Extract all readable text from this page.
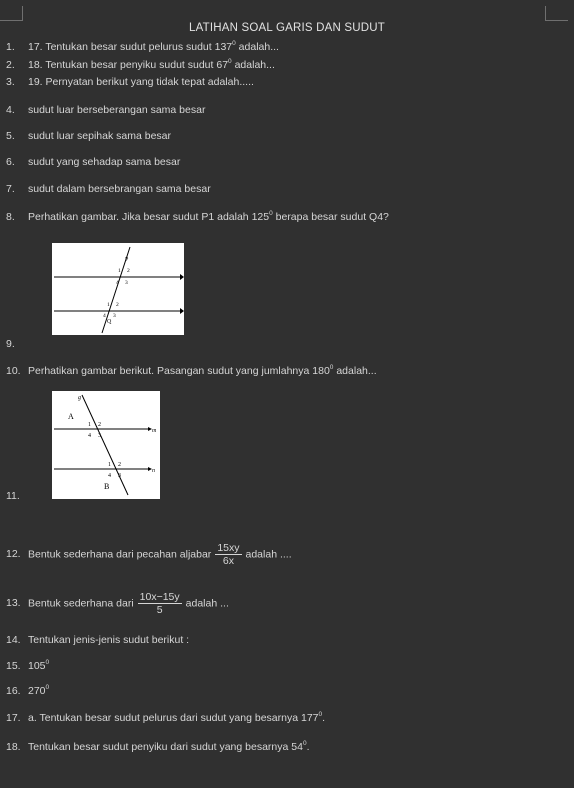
LATIHAN SOAL GARIS DAN SUDUT
1. 17. Tentukan besar sudut pelurus sudut $137^0$ adalah...
2. 18. Tentukan besar penyiku sudut sudut $67^0$ adalah...
3. 19. Pernyatan berikut yang tidak tepat adalah.....
4. sudut luar berseberangan sama besar
5. sudut luar sepihak sama besar
6. sudut yang sehadap sama besar
7. sudut dalam bersebrangan sama besar
8. Perhatikan gambar. Jika besar sudut P1 adalah $125^0$ berapa besar sudut Q4?
P
1 2
4 3
Q
1 2
4 3
9.
10. Perhatikan gambar berikut. Pasangan sudut yang jumlahnya $180^0$ adalah...
g
m
n
A
B
1 2
4 3
1 2
4 3
11.
12. Bentuk sederhana dari pecahan aljabar $\frac{15xy}{6x}$ adalah ....
13. Bentuk sederhana dari $\frac{10x-15y}{5}$ adalah ...
14. Tentukan jenis-jenis sudut berikut :
15. $105^0$
16. $270^0$
17. a. Tentukan besar sudut pelurus dari sudut yang besarnya $177^0$.
18. Tentukan besar sudut penyiku dari sudut yang besarnya $54^0$.
